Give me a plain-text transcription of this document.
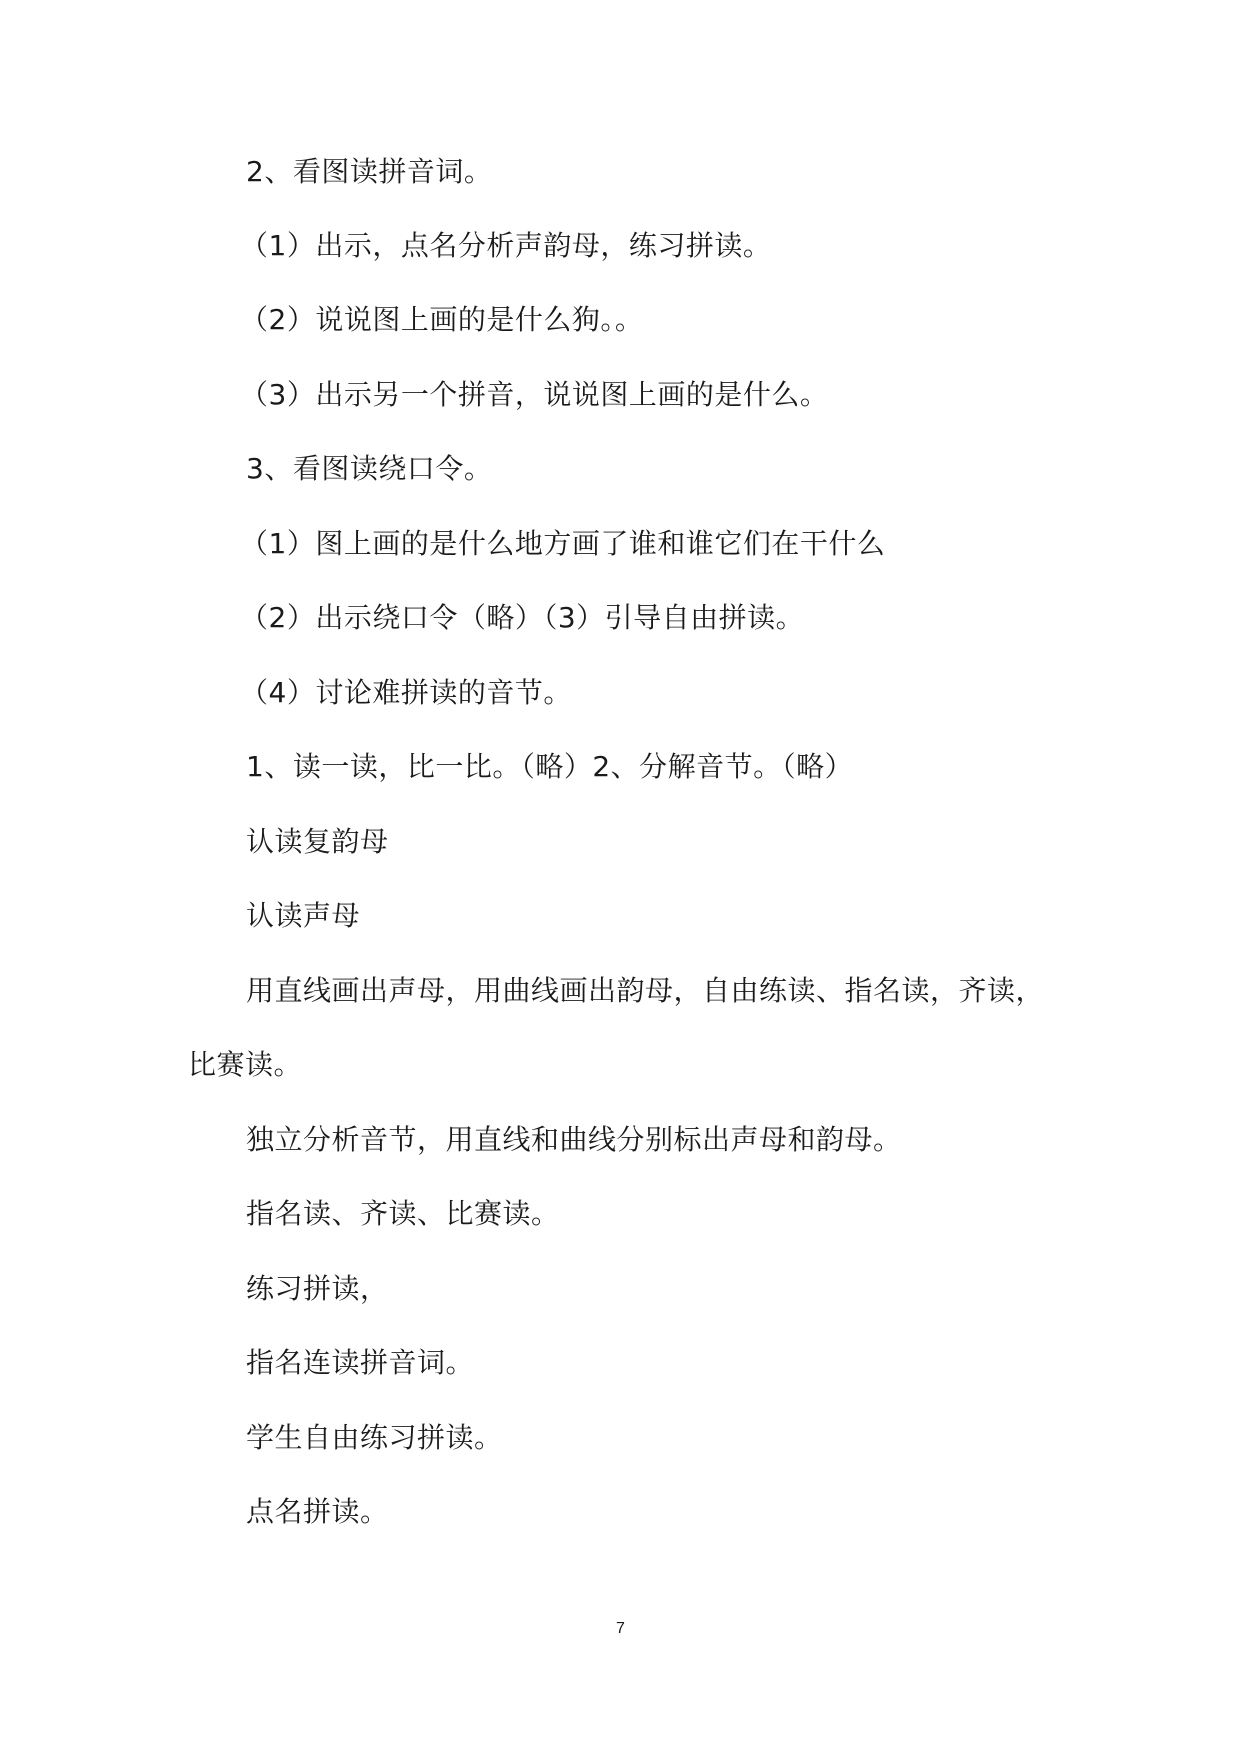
2、看图读拼音词。
（1）出示，点名分析声韵母，练习拼读。
（2）说说图上画的是什么狗。。
（3）出示另一个拼音，说说图上画的是什么。
3、看图读绕口令。
（1）图上画的是什么地方画了谁和谁它们在干什么
（2）出示绕口令（略）（3）引导自由拼读。
（4）讨论难拼读的音节。
1、读一读，比一比。（略）2、分解音节。（略）
认读复韵母
认读声母
用直线画出声母，用曲线画出韵母，自由练读、指名读，齐读，
比赛读。
独立分析音节，用直线和曲线分别标出声母和韵母。
指名读、齐读、比赛读。
练习拼读，
指名连读拼音词。
学生自由练习拼读。
点名拼读。
7
